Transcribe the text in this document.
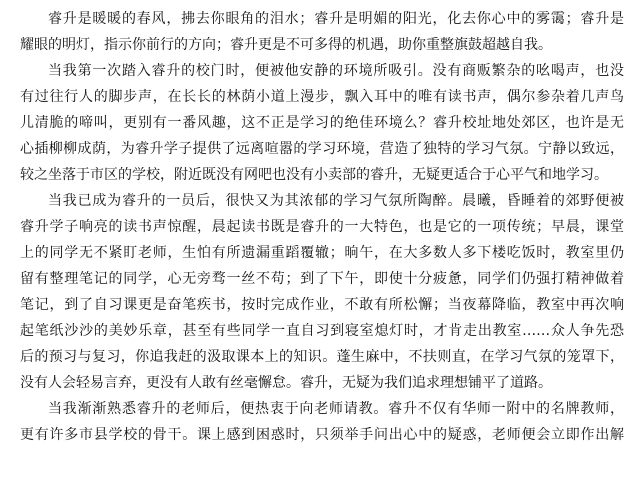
睿升是暖暖的春风，拂去你眼角的泪水；睿升是明媚的阳光，化去你心中的雾霭；睿升是
耀眼的明灯，指示你前行的方向；睿升更是不可多得的机遇，助你重整旗鼓超越自我。
当我第一次踏入睿升的校门时，便被他安静的环境所吸引。没有商贩繁杂的吆喝声，也没
有过往行人的脚步声，在长长的林荫小道上漫步，飘入耳中的唯有读书声，偶尔参杂着几声鸟
儿清脆的啼叫，更别有一番风趣，这不正是学习的绝佳环境么？睿升校址地处郊区，也许是无
心插柳柳成荫，为睿升学子提供了远离喧嚣的学习环境，营造了独特的学习气氛。宁静以致远，
较之坐落于市区的学校，附近既没有网吧也没有小卖部的睿升，无疑更适合于心平气和地学习。
当我已成为睿升的一员后，很快又为其浓郁的学习气氛所陶醉。晨曦，昏睡着的郊野便被
睿升学子响亮的读书声惊醒，晨起读书既是睿升的一大特色，也是它的一项传统；早晨，课堂
上的同学无不紧盯老师，生怕有所遗漏重蹈覆辙；晌午，在大多数人多下楼吃饭时，教室里仍
留有整理笔记的同学，心无旁骛一丝不苟；到了下午，即使十分疲惫，同学们仍强打精神做着
笔记，到了自习课更是奋笔疾书，按时完成作业，不敢有所松懈；当夜幕降临，教室中再次响
起笔纸沙沙的美妙乐章，甚至有些同学一直自习到寝室熄灯时，才肯走出教室……众人争先恐
后的预习与复习，你追我赶的汲取课本上的知识。蓬生麻中，不扶则直，在学习气氛的笼罩下，
没有人会轻易言弃，更没有人敢有丝毫懈怠。睿升，无疑为我们追求理想铺平了道路。
当我渐渐熟悉睿升的老师后，便热衷于向老师请教。睿升不仅有华师一附中的名牌教师，
更有许多市县学校的骨干。课上感到困惑时，只须举手问出心中的疑惑，老师便会立即作出解
